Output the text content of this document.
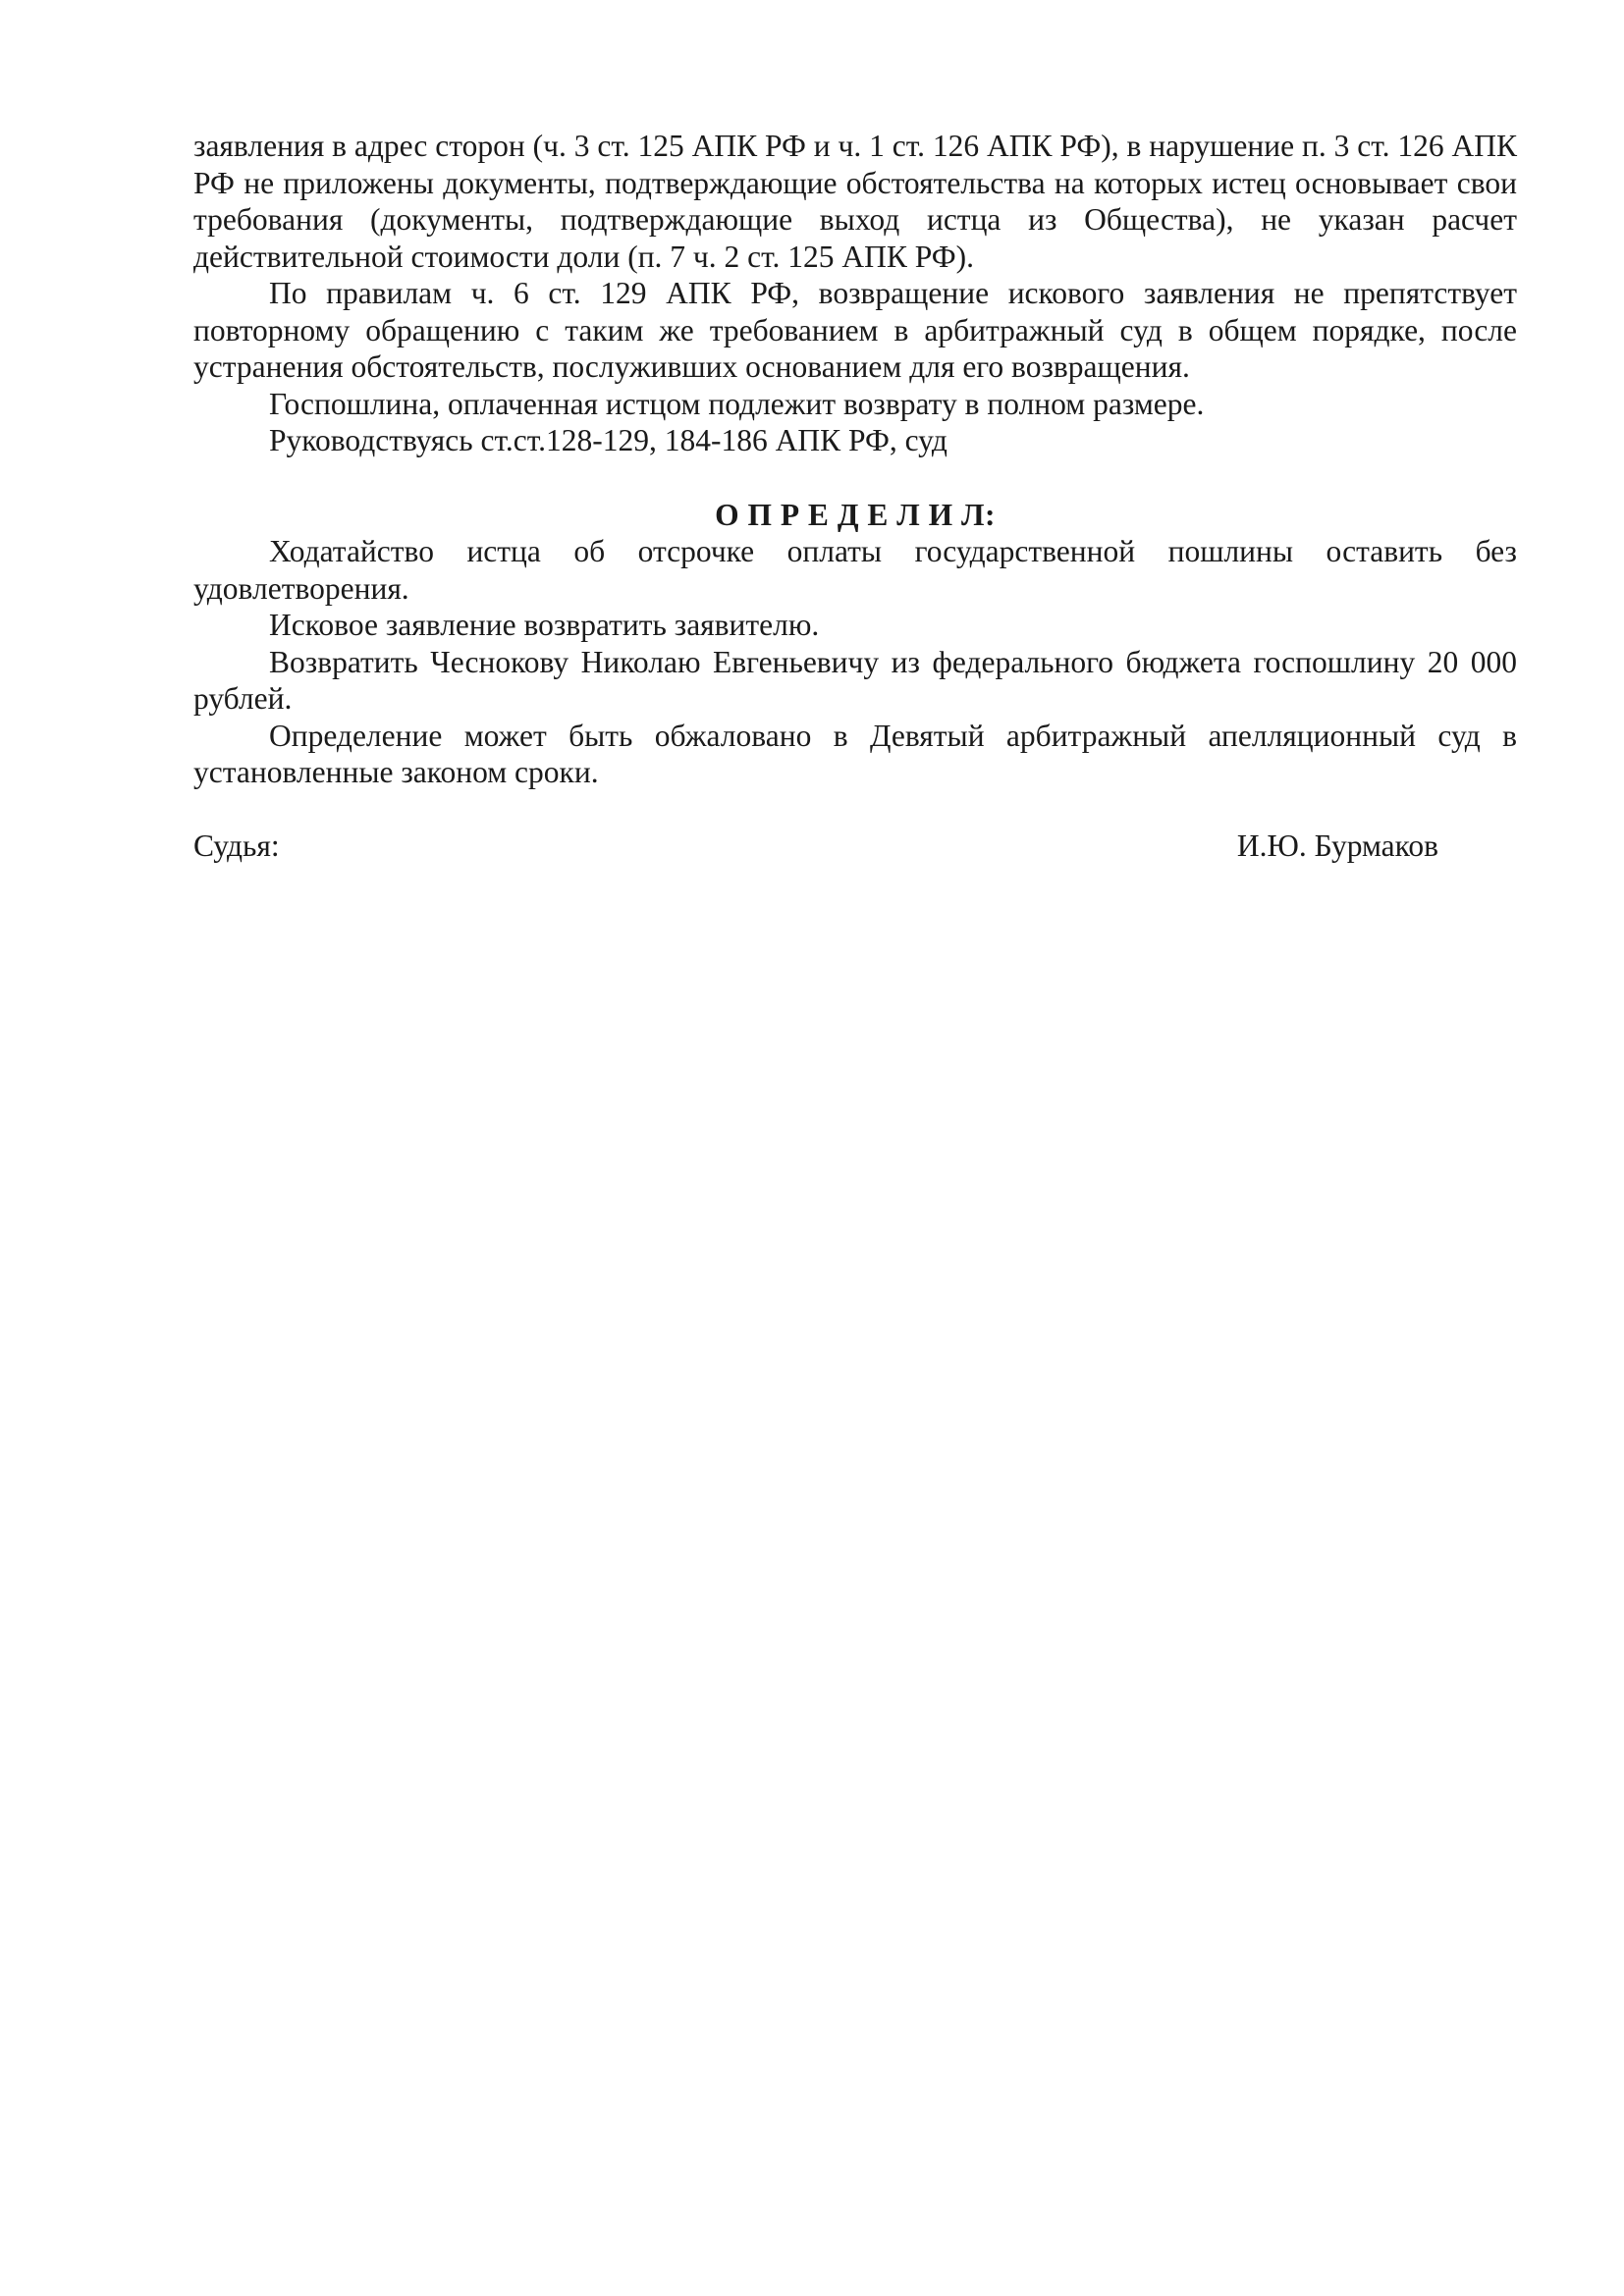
заявления в адрес сторон (ч. 3 ст. 125 АПК РФ и ч. 1 ст. 126 АПК РФ), в нарушение п. 3 ст. 126 АПК РФ не приложены документы, подтверждающие обстоятельства на которых истец основывает свои требования (документы, подтверждающие выход истца из Общества), не указан расчет действительной стоимости доли (п. 7 ч. 2 ст. 125 АПК РФ).

По правилам ч. 6 ст. 129 АПК РФ, возвращение искового заявления не препятствует повторному обращению с таким же требованием в арбитражный суд в общем порядке, после устранения обстоятельств, послуживших основанием для его возвращения.

Госпошлина, оплаченная истцом подлежит возврату в полном размере.

Руководствуясь ст.ст.128-129, 184-186 АПК РФ, суд

О П Р Е Д Е Л И Л:

Ходатайство истца об отсрочке оплаты государственной пошлины оставить без удовлетворения.

Исковое заявление возвратить заявителю.

Возвратить Чеснокову Николаю Евгеньевичу из федерального бюджета госпошлину 20 000 рублей.

Определение может быть обжаловано в Девятый арбитражный апелляционный суд в установленные законом сроки.

Судья:	И.Ю. Бурмаков
